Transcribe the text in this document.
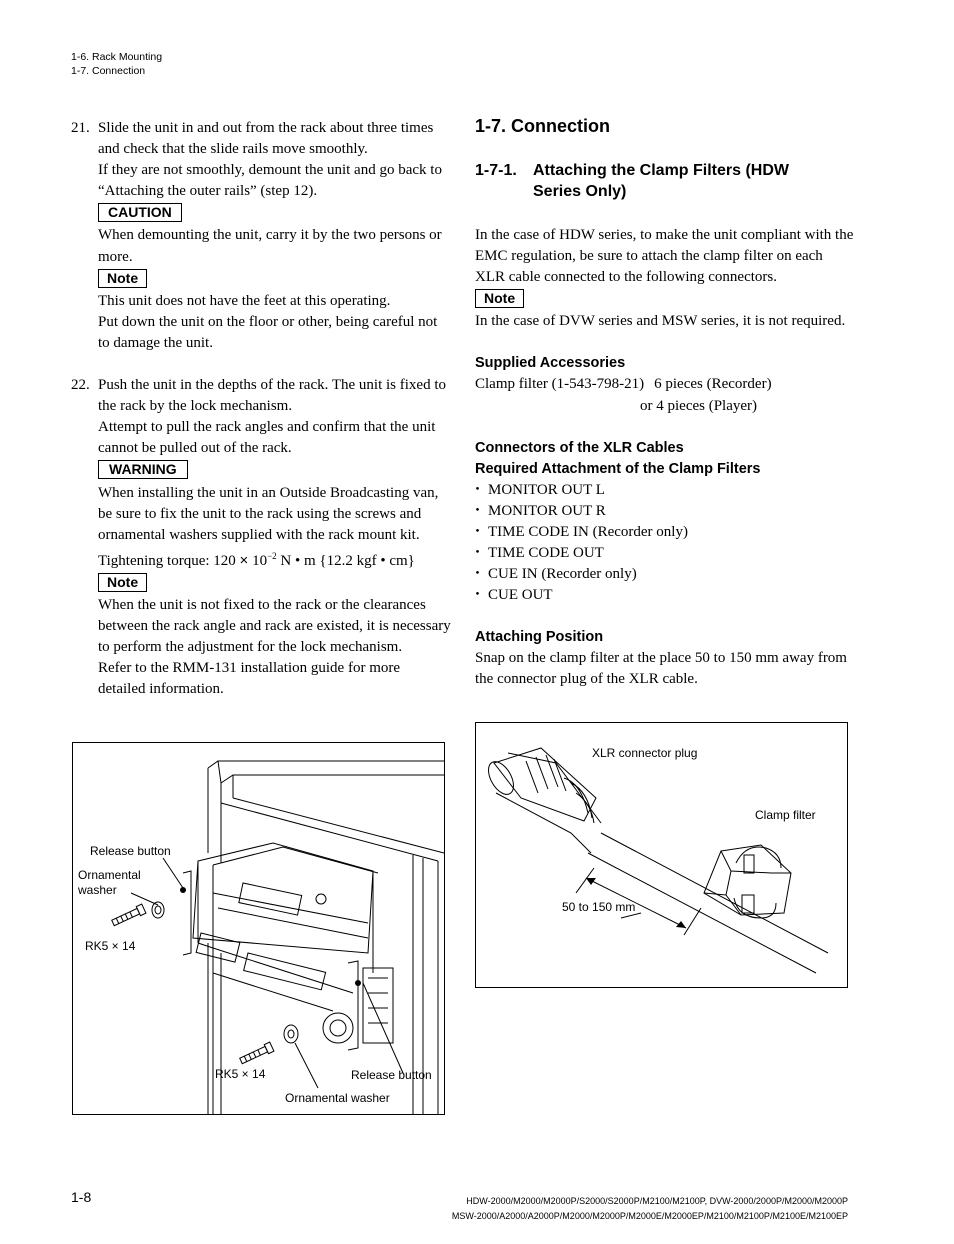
1-6. Rack Mounting
1-7. Connection
21. Slide the unit in and out from the rack about three times and check that the slide rails move smoothly.
If they are not smoothly, demount the unit and go back to “Attaching the outer rails” (step 12).
CAUTION
When demounting the unit, carry it by the two persons or more.
Note
This unit does not have the feet at this operating.
Put down the unit on the floor or other, being careful not to damage the unit.
22. Push the unit in the depths of the rack. The unit is fixed to the rack by the lock mechanism.
Attempt to pull the rack angles and confirm that the unit cannot be pulled out of the rack.
WARNING
When installing the unit in an Outside Broadcasting van, be sure to fix the unit to the rack using the screws and ornamental washers supplied with the rack mount kit.
Tightening torque: $120 \times 10^{-2}$ N • m {12.2 kgf • cm}
Note
When the unit is not fixed to the rack or the clearances between the rack angle and rack are existed, it is necessary to perform the adjustment for the lock mechanism.
Refer to the RMM-131 installation guide for more detailed information.
Release button
Ornamental
washer
RK5 × 14
RK5 × 14	Release button
Ornamental washer
1-7. Connection
1-7-1. Attaching the Clamp Filters (HDW
Series Only)
In the case of HDW series, to make the unit compliant with the EMC regulation, be sure to attach the clamp filter on each XLR cable connected to the following connectors.
Note
In the case of DVW series and MSW series, it is not required.
Supplied Accessories
Clamp filter (1-543-798-21) 6 pieces (Recorder)
or 4 pieces (Player)
Connectors of the XLR Cables
Required Attachment of the Clamp Filters
・ MONITOR OUT L
・ MONITOR OUT R
・ TIME CODE IN (Recorder only)
・ TIME CODE OUT
・ CUE IN (Recorder only)
・ CUE OUT
Attaching Position
Snap on the clamp filter at the place 50 to 150 mm away from the connector plug of the XLR cable.
XLR connector plug
Clamp filter
50 to 150 mm
1-8	HDW-2000/M2000/M2000P/S2000/S2000P/M2100/M2100P, DVW-2000/2000P/M2000/M2000P
MSW-2000/A2000/A2000P/M2000/M2000P/M2000E/M2000EP/M2100/M2100P/M2100E/M2100EP
